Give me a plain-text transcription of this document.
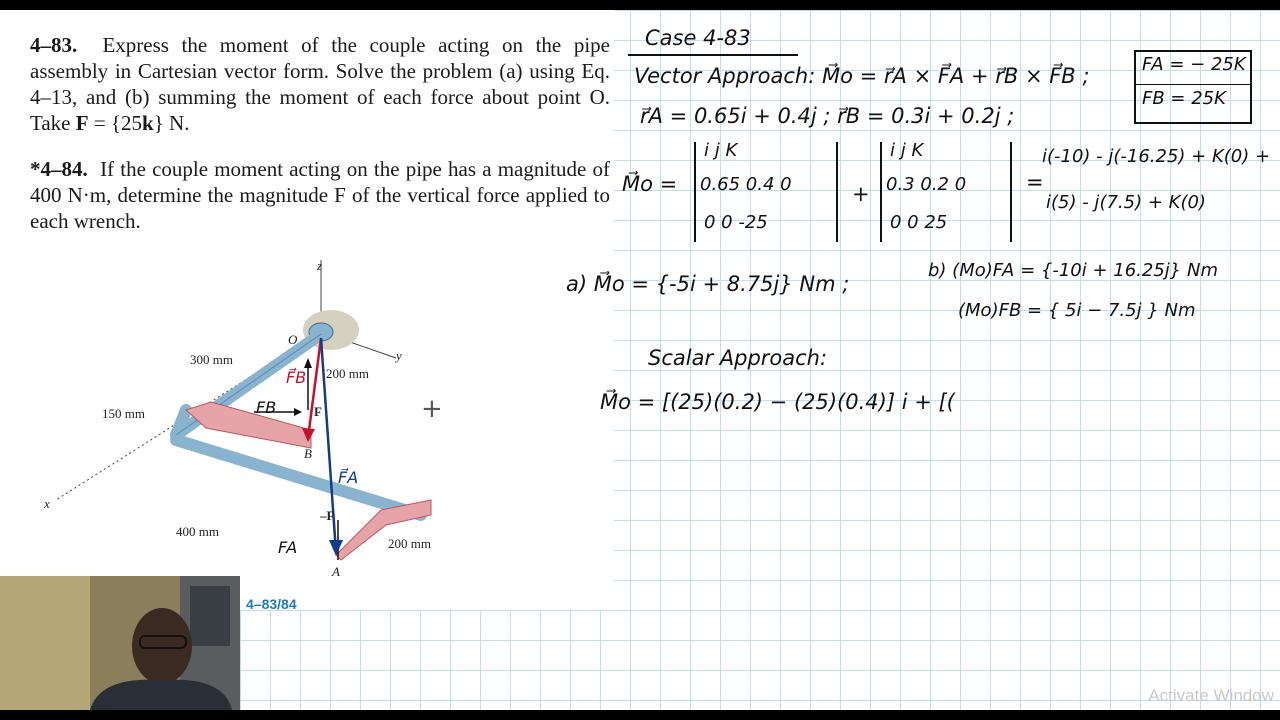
4–83. Express the moment of the couple acting on the pipe assembly in Cartesian vector form. Solve the problem (a) using Eq. 4–13, and (b) summing the moment of each force about point O. Take F = {25k} N.
*4–84. If the couple moment acting on the pipe has a magnitude of 400 N·m, determine the magnitude F of the vertical force applied to each wrench.
z
y
x
O
B
A
300 mm
200 mm
150 mm
400 mm
200 mm
F
–F
F⃗B
FB
F⃗A
FA
4–83/84
+
Case 4-83
Vector Approach: M⃗o = r⃗A × F⃗A + r⃗B × F⃗B ;	FA = − 25K
FB = 25K
r⃗A = 0.65i + 0.4j ; r⃗B = 0.3i + 0.2j ;
M⃗o =
i j K
0.65 0.4 0
0 0 -25
+
i j K
0.3 0.2 0
0 0 25
=
i(-10) - j(-16.25) + K(0) +
i(5) - j(7.5) + K(0)
a) M⃗o = {-5i + 8.75j} Nm ;
b) (Mo)FA = {-10i + 16.25j} Nm
(Mo)FB = { 5i − 7.5j } Nm
Scalar Approach:
M⃗o = [(25)(0.2) − (25)(0.4)] i + [(
Activate Window
